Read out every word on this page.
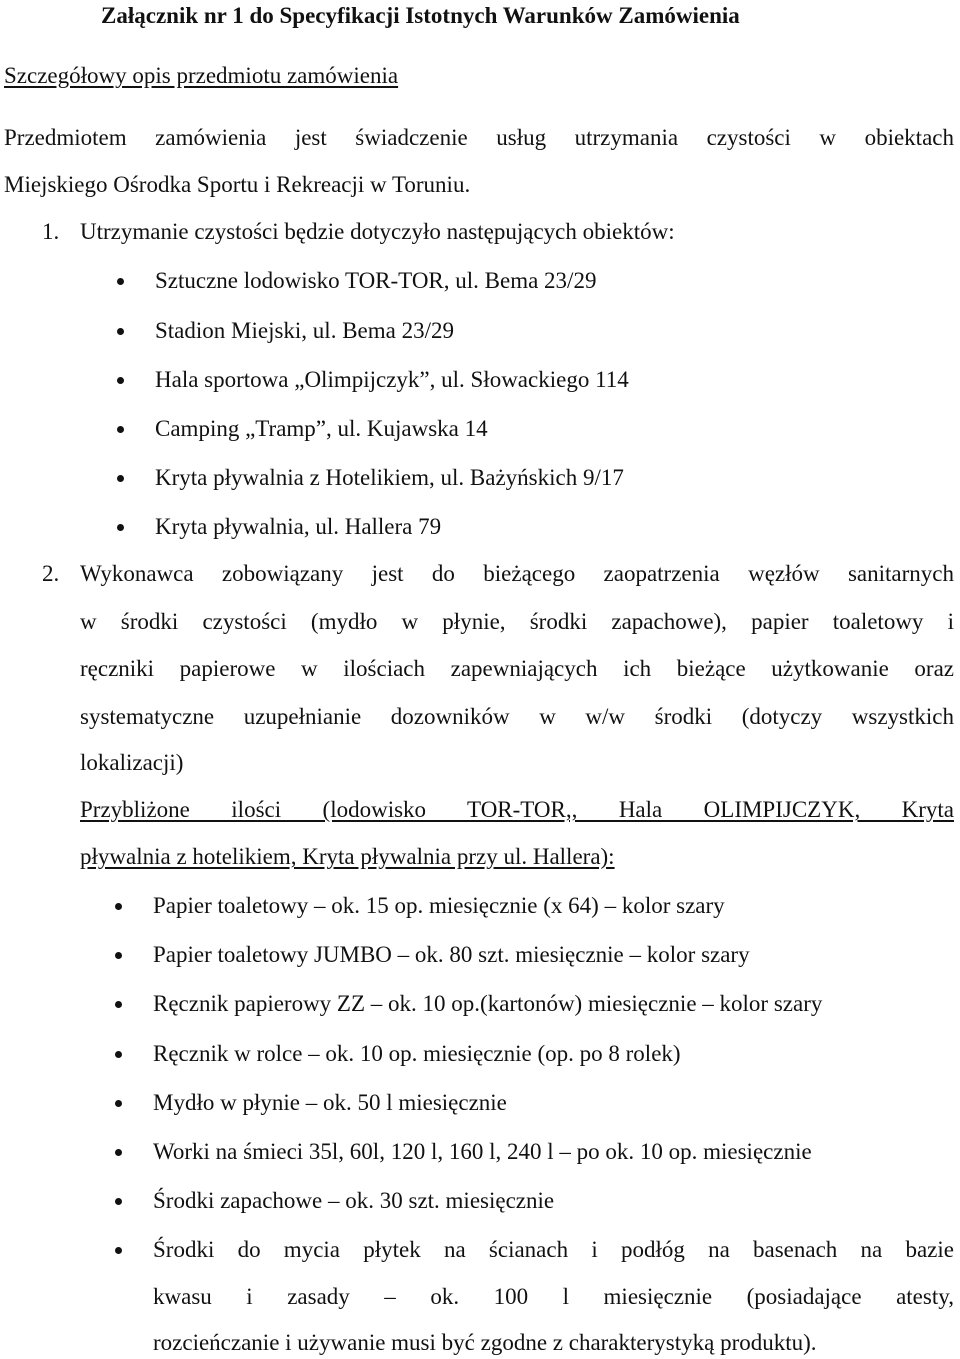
Załącznik nr 1 do Specyfikacji Istotnych Warunków Zamówienia
Szczegółowy opis przedmiotu zamówienia
Przedmiotem zamówienia jest świadczenie usług utrzymania czystości w obiektach
Miejskiego Ośrodka Sportu i Rekreacji w Toruniu.
1. Utrzymanie czystości będzie dotyczyło następujących obiektów:
Sztuczne lodowisko TOR-TOR, ul. Bema 23/29
Stadion Miejski, ul. Bema 23/29
Hala sportowa „Olimpijczyk”, ul. Słowackiego 114
Camping „Tramp”, ul. Kujawska 14
Kryta pływalnia z Hotelikiem, ul. Bażyńskich 9/17
Kryta pływalnia, ul. Hallera 79
2. Wykonawca zobowiązany jest do bieżącego zaopatrzenia węzłów sanitarnych
w środki czystości (mydło w płynie, środki zapachowe), papier toaletowy i
ręczniki papierowe w ilościach zapewniających ich bieżące użytkowanie oraz
systematyczne uzupełnianie dozowników w w/w środki (dotyczy wszystkich
lokalizacji)
Przybliżone ilości (lodowisko TOR-TOR,, Hala OLIMPIJCZYK, Kryta
pływalnia z hotelikiem, Kryta pływalnia przy ul. Hallera):
Papier toaletowy – ok. 15 op. miesięcznie (x 64) – kolor szary
Papier toaletowy JUMBO – ok. 80 szt. miesięcznie – kolor szary
Ręcznik papierowy ZZ – ok. 10 op.(kartonów) miesięcznie – kolor szary
Ręcznik w rolce – ok. 10 op. miesięcznie (op. po 8 rolek)
Mydło w płynie – ok. 50 l miesięcznie
Worki na śmieci 35l, 60l, 120 l, 160 l, 240 l – po ok. 10 op. miesięcznie
Środki zapachowe – ok. 30 szt. miesięcznie
Środki do mycia płytek na ścianach i podłóg na basenach na bazie
kwasu i zasady – ok. 100 l miesięcznie (posiadające atesty,
rozcieńczanie i używanie musi być zgodne z charakterystyką produktu).
